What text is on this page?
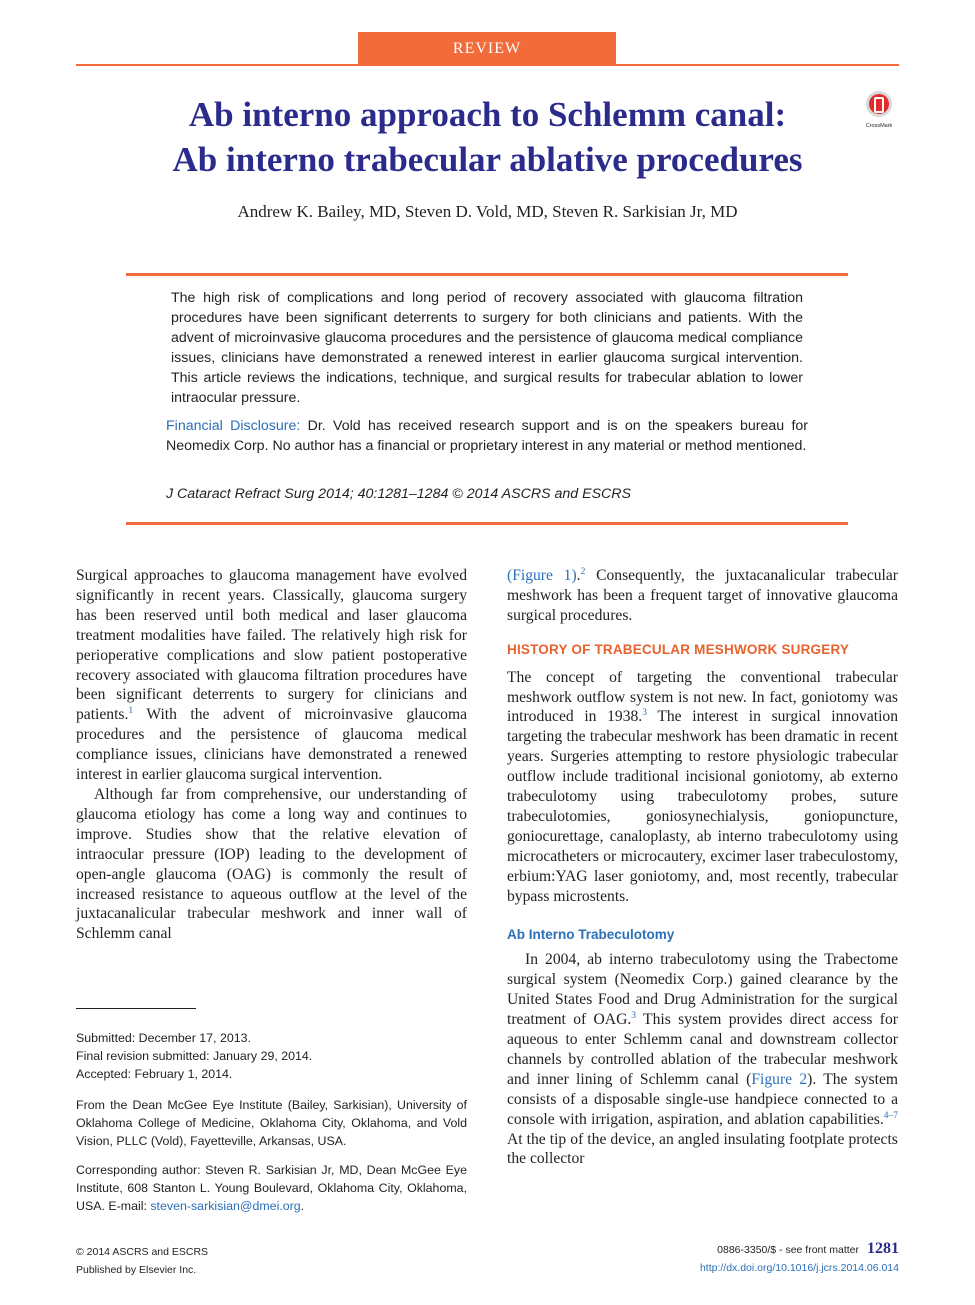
REVIEW
Ab interno approach to Schlemm canal:
Ab interno trabecular ablative procedures
CrossMark
Andrew K. Bailey, MD, Steven D. Vold, MD, Steven R. Sarkisian Jr, MD
The high risk of complications and long period of recovery associated with glaucoma filtration procedures have been significant deterrents to surgery for both clinicians and patients. With the advent of microinvasive glaucoma procedures and the persistence of glaucoma medical compliance issues, clinicians have demonstrated a renewed interest in earlier glaucoma surgical intervention. This article reviews the indications, technique, and surgical results for trabecular ablation to lower intraocular pressure.
Financial Disclosure: Dr. Vold has received research support and is on the speakers bureau for Neomedix Corp. No author has a financial or proprietary interest in any material or method mentioned.
J Cataract Refract Surg 2014; 40:1281–1284 © 2014 ASCRS and ESCRS

Surgical approaches to glaucoma management have evolved significantly in recent years. Classically, glaucoma surgery has been reserved until both medical and laser glaucoma treatment modalities have failed. The relatively high risk for perioperative complications and slow patient postoperative recovery associated with glaucoma filtration procedures have been significant deterrents to surgery for clinicians and patients.$^1$ With the advent of microinvasive glaucoma procedures and the persistence of glaucoma medical compliance issues, clinicians have demonstrated a renewed interest in earlier glaucoma surgical intervention.

Although far from comprehensive, our understanding of glaucoma etiology has come a long way and continues to improve. Studies show that the relative elevation of intraocular pressure (IOP) leading to the development of open-angle glaucoma (OAG) is commonly the result of increased resistance to aqueous outflow at the level of the juxtacanalicular trabecular meshwork and inner wall of Schlemm canal

(Figure 1).$^2$ Consequently, the juxtacanalicular trabecular meshwork has been a frequent target of innovative glaucoma surgical procedures.

HISTORY OF TRABECULAR MESHWORK SURGERY

The concept of targeting the conventional trabecular meshwork outflow system is not new. In fact, goniotomy was introduced in 1938.$^3$ The interest in surgical innovation targeting the trabecular meshwork has been dramatic in recent years. Surgeries attempting to restore physiologic trabecular outflow include traditional incisional goniotomy, ab externo trabeculotomy using trabeculotomy probes, suture trabeculotomies, goniosynechialysis, goniopuncture, goniocurettage, canaloplasty, ab interno trabeculotomy using microcatheters or microcautery, excimer laser trabeculostomy, erbium:YAG laser goniotomy, and, most recently, trabecular bypass microstents.

Ab Interno Trabeculotomy

In 2004, ab interno trabeculotomy using the Trabectome surgical system (Neomedix Corp.) gained clearance by the United States Food and Drug Administration for the surgical treatment of OAG.$^3$ This system provides direct access for aqueous to enter Schlemm canal and downstream collector channels by controlled ablation of the trabecular meshwork and inner lining of Schlemm canal (Figure 2). The system consists of a disposable single-use handpiece connected to a console with irrigation, aspiration, and ablation capabilities.$^{4-7}$ At the tip of the device, an angled insulating footplate protects the collector

Submitted: December 17, 2013.
Final revision submitted: January 29, 2014.
Accepted: February 1, 2014.
From the Dean McGee Eye Institute (Bailey, Sarkisian), University of Oklahoma College of Medicine, Oklahoma City, Oklahoma, and Vold Vision, PLLC (Vold), Fayetteville, Arkansas, USA.
Corresponding author: Steven R. Sarkisian Jr, MD, Dean McGee Eye Institute, 608 Stanton L. Young Boulevard, Oklahoma City, Oklahoma, USA. E-mail: steven-sarkisian@dmei.org.
© 2014 ASCRS and ESCRS
Published by Elsevier Inc.
0886-3350/$ - see front matter 1281
http://dx.doi.org/10.1016/j.jcrs.2014.06.014
